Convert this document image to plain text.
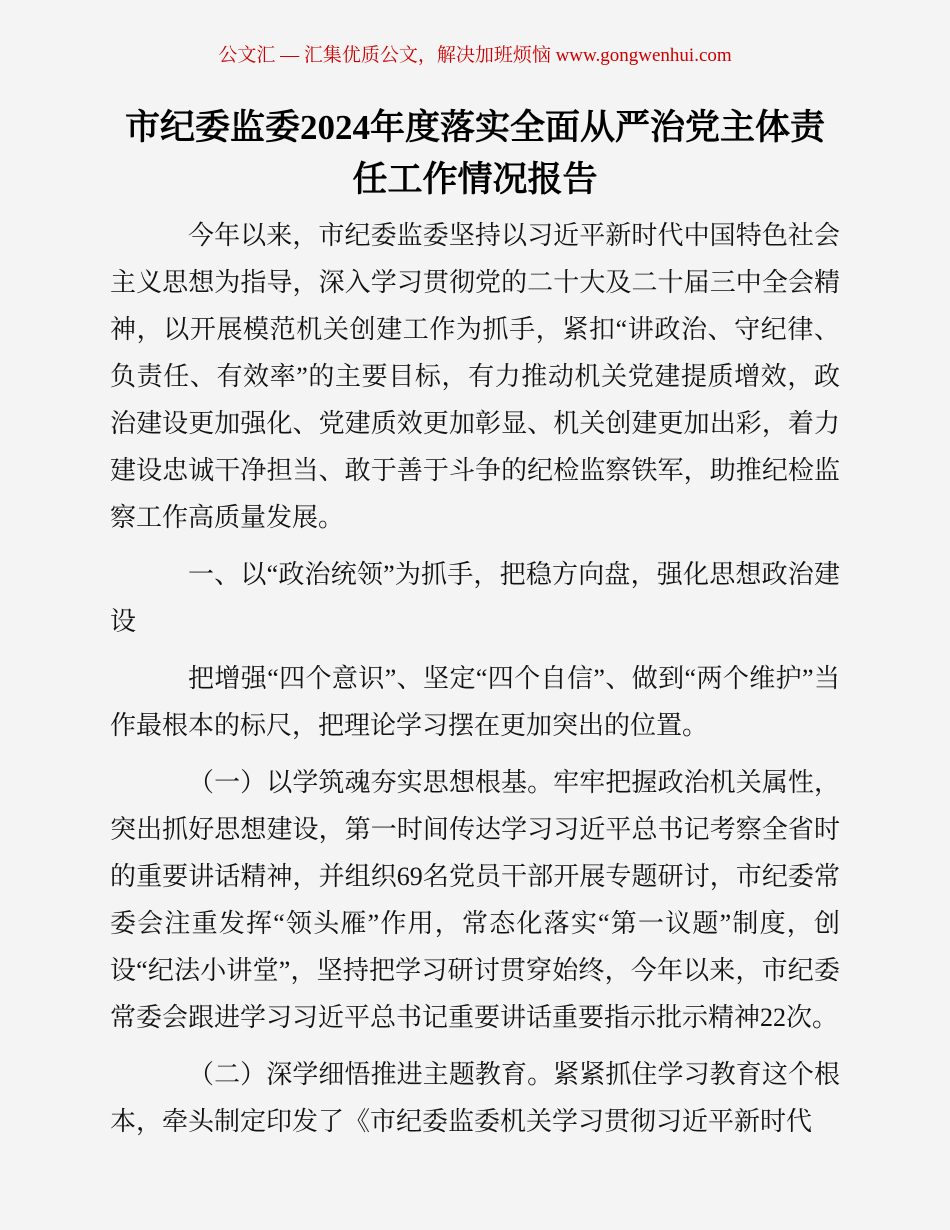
公文汇 — 汇集优质公文，解决加班烦恼 www.gongwenhui.com
市纪委监委2024年度落实全面从严治党主体责任工作情况报告

今年以来，市纪委监委坚持以习近平新时代中国特色社会主义思想为指导，深入学习贯彻党的二十大及二十届三中全会精神，以开展模范机关创建工作为抓手，紧扣“讲政治、守纪律、负责任、有效率”的主要目标，有力推动机关党建提质增效，政治建设更加强化、党建质效更加彰显、机关创建更加出彩，着力建设忠诚干净担当、敢于善于斗争的纪检监察铁军，助推纪检监察工作高质量发展。

一、以“政治统领”为抓手，把稳方向盘，强化思想政治建设

把增强“四个意识”、坚定“四个自信”、做到“两个维护”当作最根本的标尺，把理论学习摆在更加突出的位置。

（一）以学筑魂夯实思想根基。牢牢把握政治机关属性，突出抓好思想建设，第一时间传达学习习近平总书记考察全省时的重要讲话精神，并组织69名党员干部开展专题研讨，市纪委常委会注重发挥“领头雁”作用，常态化落实“第一议题”制度，创设“纪法小讲堂”，坚持把学习研讨贯穿始终，今年以来，市纪委常委会跟进学习习近平总书记重要讲话重要指示批示精神22次。

（二）深学细悟推进主题教育。紧紧抓住学习教育这个根本，牵头制定印发了《市纪委监委机关学习贯彻习近平新时代
